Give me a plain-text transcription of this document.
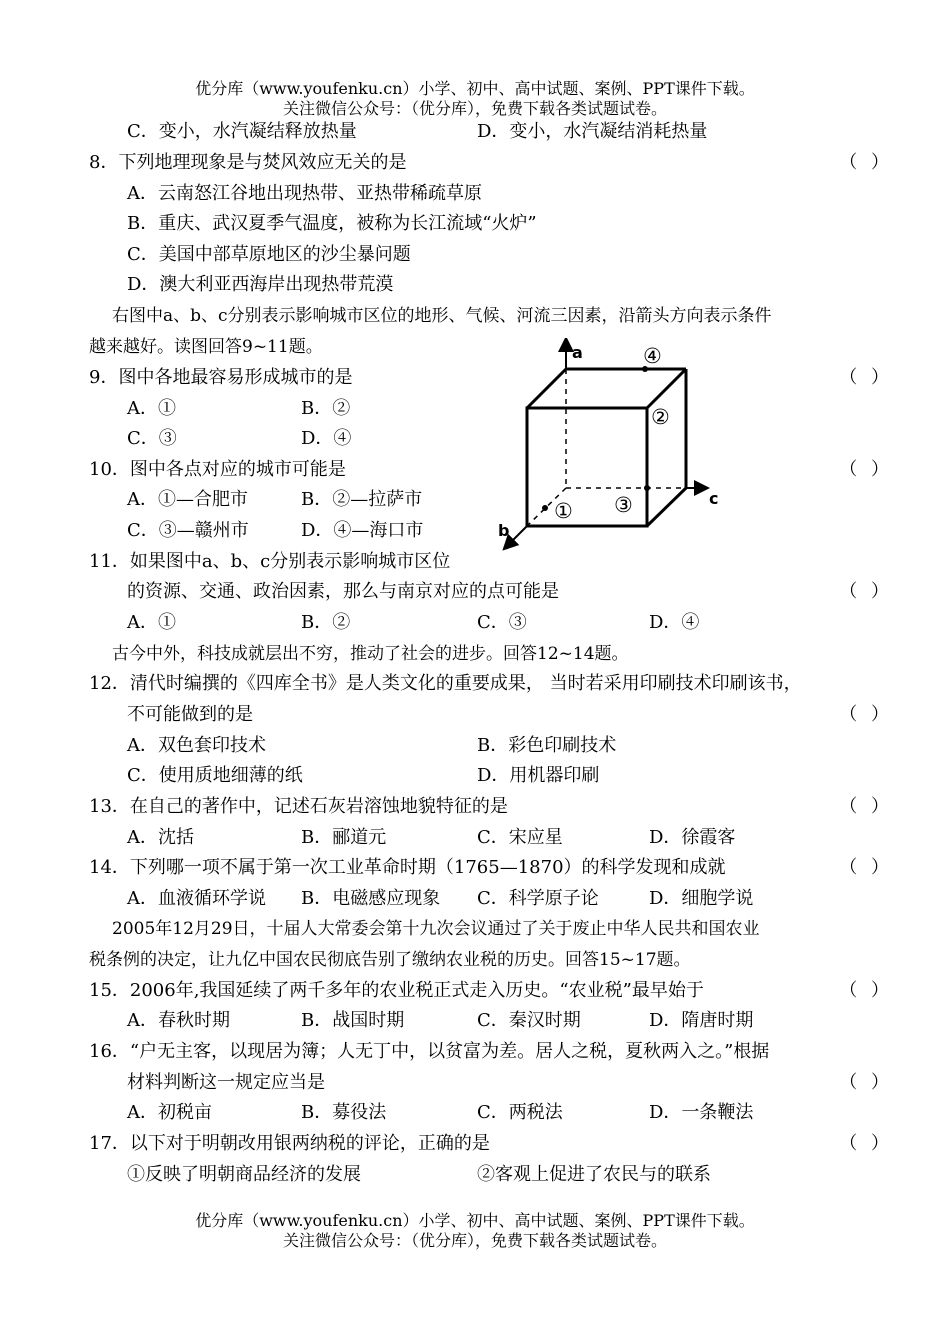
优分库（www.youfenku.cn）小学、初中、高中试题、案例、PPT课件下载。
关注微信公众号：（优分库），免费下载各类试题试卷。
C．变小，水汽凝结释放热量	D．变小，水汽凝结消耗热量
8．下列地理现象是与焚风效应无关的是	（ ）
A．云南怒江谷地出现热带、亚热带稀疏草原
B．重庆、武汉夏季气温度，被称为长江流域“火炉”
C．美国中部草原地区的沙尘暴问题
D．澳大利亚西海岸出现热带荒漠
右图中a、b、c分别表示影响城市区位的地形、气候、河流三因素，沿箭头方向表示条件
越来越好。读图回答9~11题。
9．图中各地最容易形成城市的是	（ ）
A．①	B．②
C．③	D．④
10．图中各点对应的城市可能是	（ ）
A．①—合肥市	B．②—拉萨市
C．③—赣州市	D．④—海口市
11．如果图中a、b、c分别表示影响城市区位
的资源、交通、政治因素，那么与南京对应的点可能是	（ ）
A．①	B．②	C．③	D．④
a
c
b
①
②
③
④
古今中外，科技成就层出不穷，推动了社会的进步。回答12~14题。
12．清代时编撰的《四库全书》是人类文化的重要成果， 当时若采用印刷技术印刷该书，
不可能做到的是	（ ）
A．双色套印技术	B．彩色印刷技术
C．使用质地细薄的纸	D．用机器印刷
13．在自己的著作中，记述石灰岩溶蚀地貌特征的是	（ ）
A．沈括	B．郦道元	C．宋应星	D．徐霞客
14．下列哪一项不属于第一次工业革命时期（1765—1870）的科学发现和成就	（ ）
A．血液循环学说 B．电磁感应现象 C．科学原子论	D．细胞学说
2005年12月29日，十届人大常委会第十九次会议通过了关于废止中华人民共和国农业
税条例的决定，让九亿中国农民彻底告别了缴纳农业税的历史。回答15~17题。
15．2006年,我国延续了两千多年的农业税正式走入历史。“农业税”最早始于	（ ）
A．春秋时期	B．战国时期	C．秦汉时期	D．隋唐时期
16．“户无主客，以现居为簿；人无丁中，以贫富为差。居人之税，夏秋两入之。”根据
材料判断这一规定应当是	（ ）
A．初税亩	B．募役法	C．两税法	D．一条鞭法
17．以下对于明朝改用银两纳税的评论，正确的是	（ ）
①反映了明朝商品经济的发展	②客观上促进了农民与的联系
优分库（www.youfenku.cn）小学、初中、高中试题、案例、PPT课件下载。
关注微信公众号：（优分库），免费下载各类试题试卷。
